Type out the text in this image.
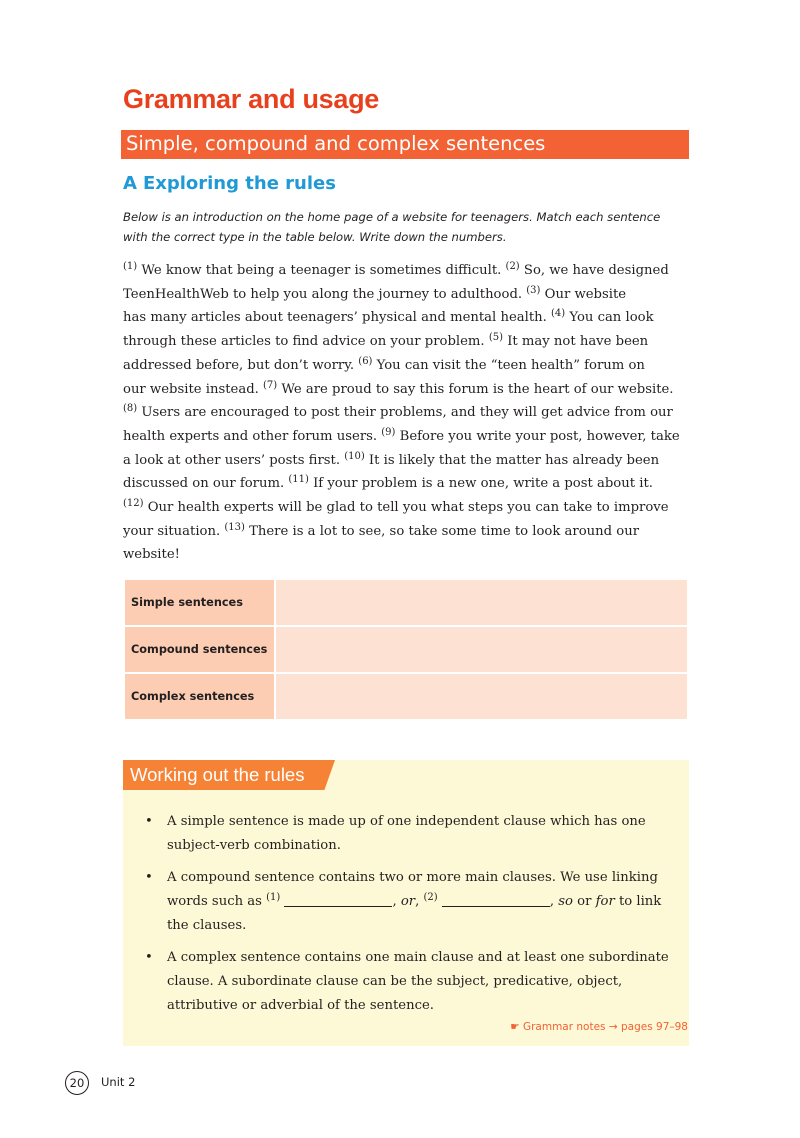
Grammar and usage
Simple, compound and complex sentences
A Exploring the rules
Below is an introduction on the home page of a website for teenagers. Match each sentence
with the correct type in the table below. Write down the numbers.
$^{(1)}$ We know that being a teenager is sometimes difficult. $^{(2)}$ So, we have designed
TeenHealthWeb to help you along the journey to adulthood. $^{(3)}$ Our website
has many articles about teenagers’ physical and mental health. $^{(4)}$ You can look
through these articles to find advice on your problem. $^{(5)}$ It may not have been
addressed before, but don’t worry. $^{(6)}$ You can visit the “teen health” forum on
our website instead. $^{(7)}$ We are proud to say this forum is the heart of our website.
$^{(8)}$ Users are encouraged to post their problems, and they will get advice from our
health experts and other forum users. $^{(9)}$ Before you write your post, however, take
a look at other users’ posts first. $^{(10)}$ It is likely that the matter has already been
discussed on our forum. $^{(11)}$ If your problem is a new one, write a post about it.
$^{(12)}$ Our health experts will be glad to tell you what steps you can take to improve
your situation. $^{(13)}$ There is a lot to see, so take some time to look around our
website!
Simple sentences	
Compound sentences	
Complex sentences	
Working out the rules
• A simple sentence is made up of one independent clause which has one
subject-verb combination.
• A compound sentence contains two or more main clauses. We use linking
words such as $^{(1)}$	, or, $^{(2)}$	, so or for to link
the clauses.
• A complex sentence contains one main clause and at least one subordinate
clause. A subordinate clause can be the subject, predicative, object,
attributive or adverbial of the sentence.
☛ Grammar notes → pages 97–98
20	Unit 2
